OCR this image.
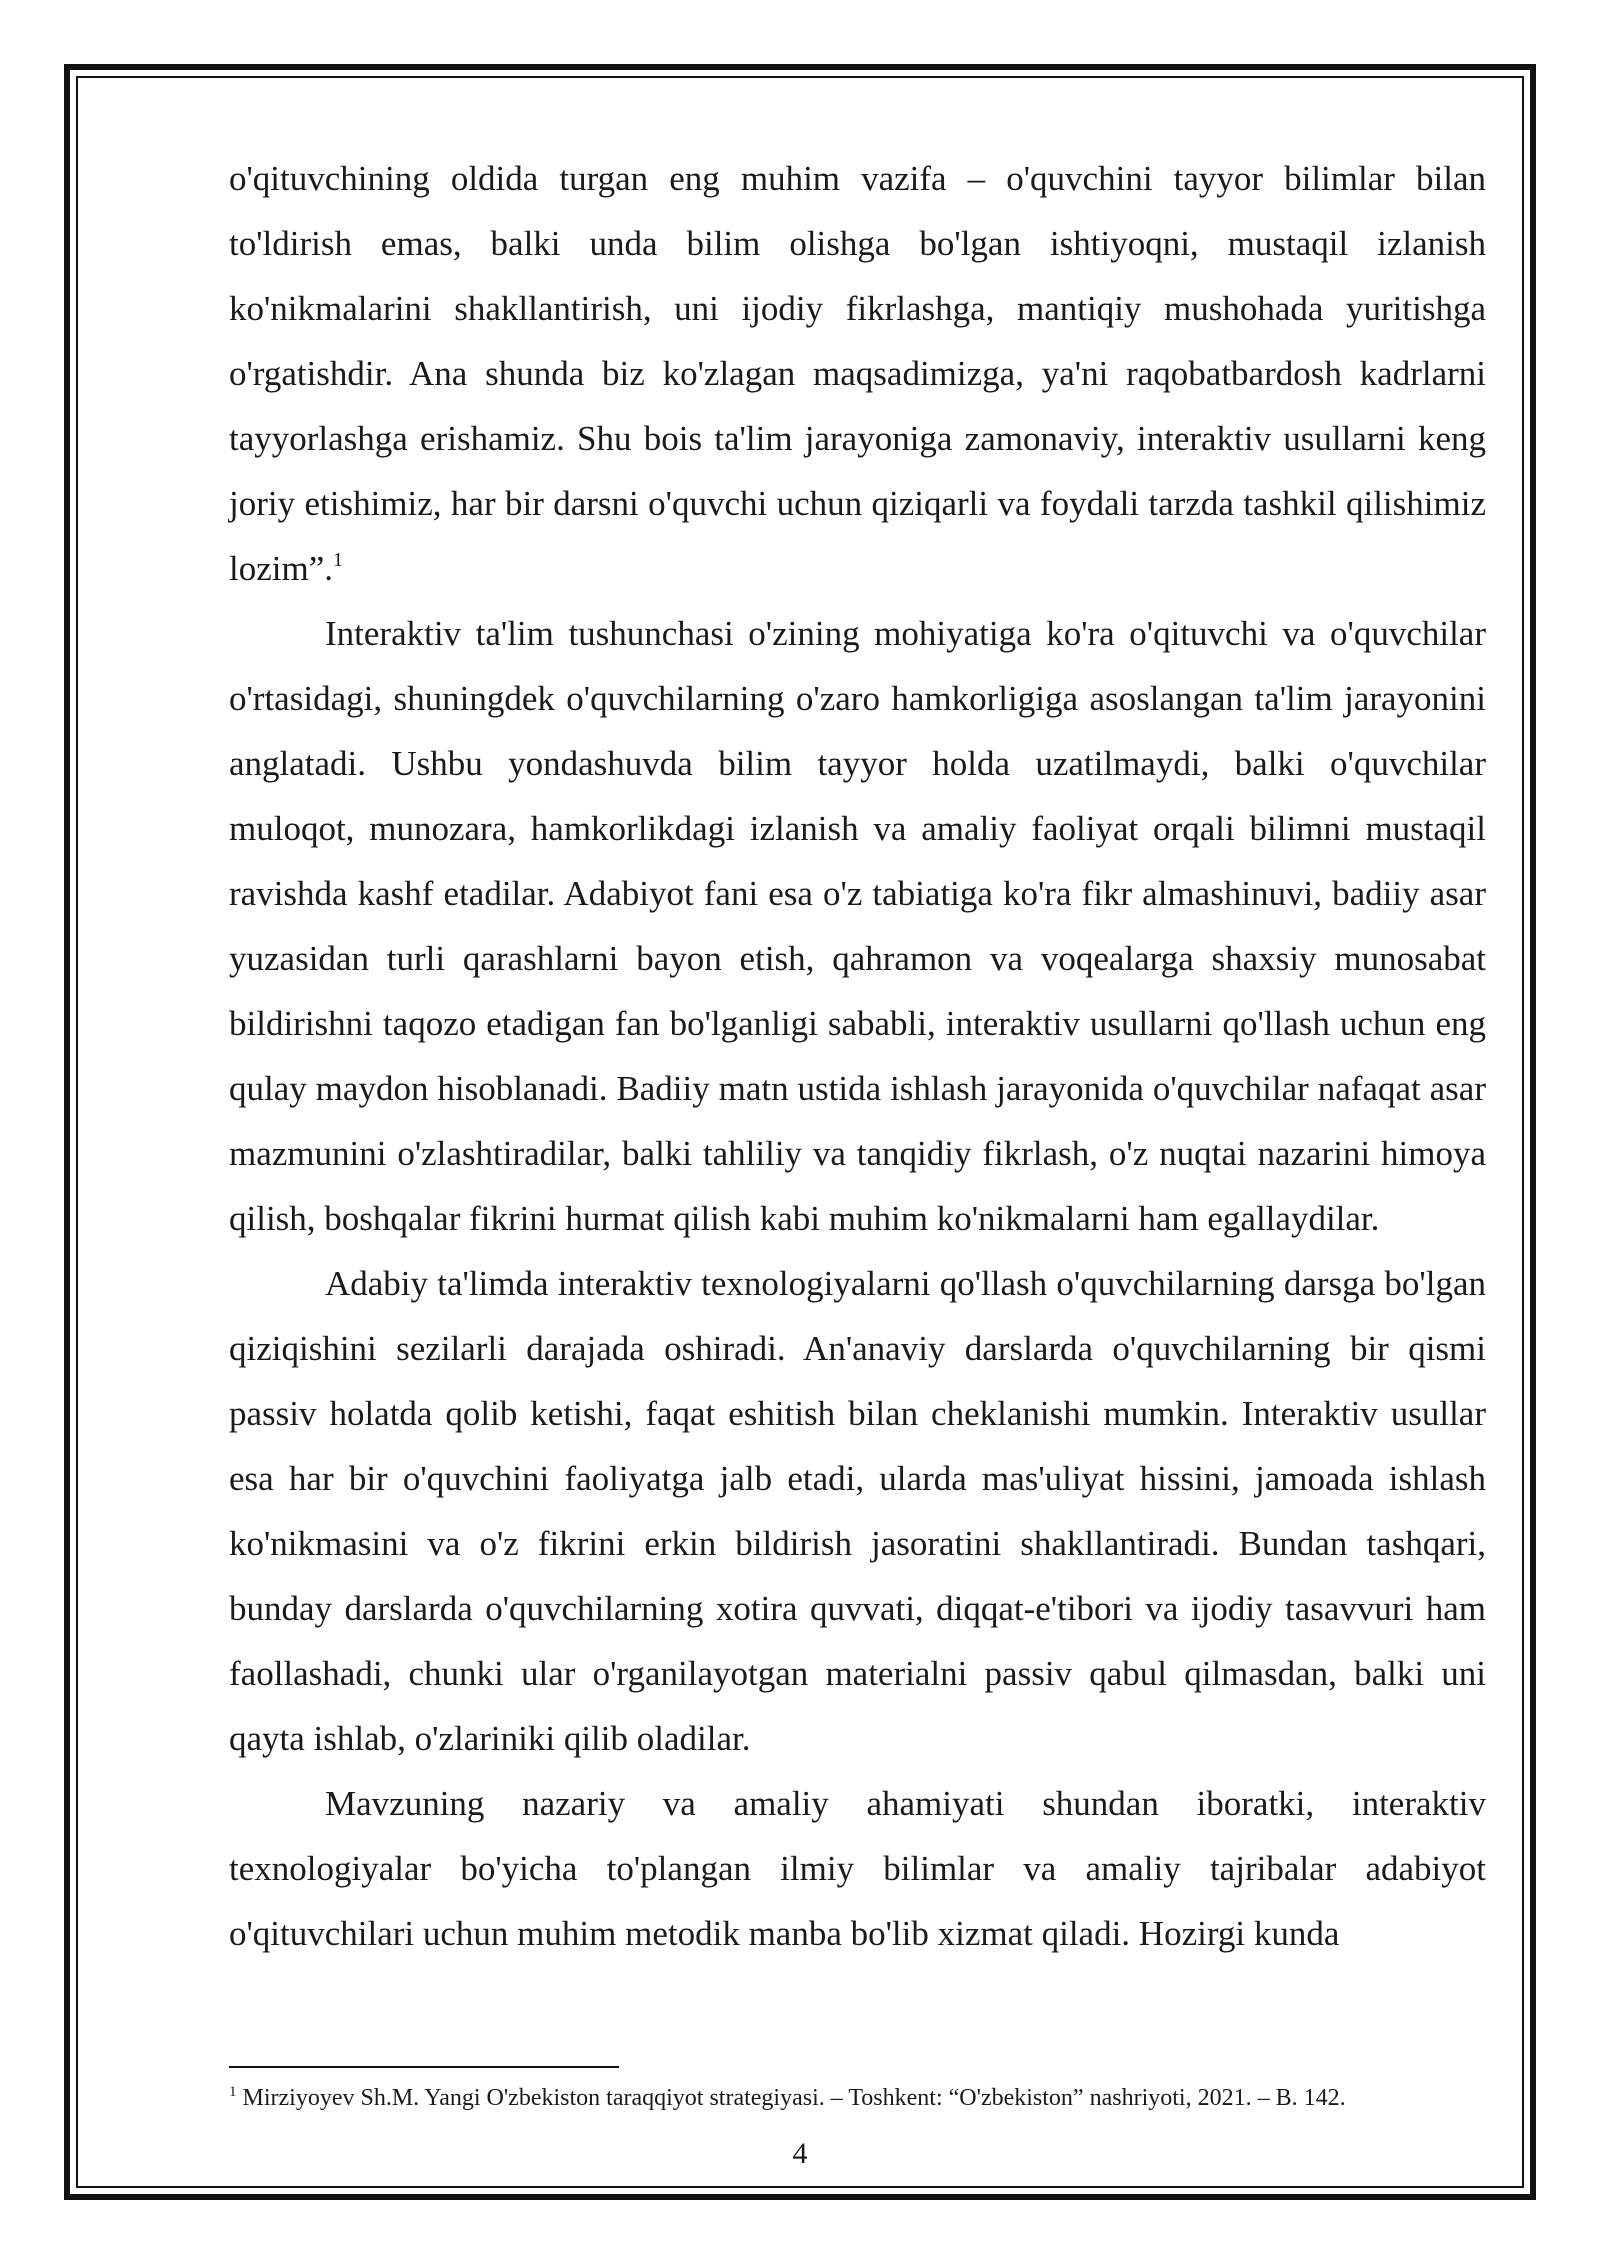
o'qituvchining oldida turgan eng muhim vazifa – o'quvchini tayyor bilimlar bilan to'ldirish emas, balki unda bilim olishga bo'lgan ishtiyoqni, mustaqil izlanish ko'nikmalarini shakllantirish, uni ijodiy fikrlashga, mantiqiy mushohada yuritishga o'rgatishdir. Ana shunda biz ko'zlagan maqsadimizga, ya'ni raqobatbardosh kadrlarni tayyorlashga erishamiz. Shu bois ta'lim jarayoniga zamonaviy, interaktiv usullarni keng joriy etishimiz, har bir darsni o'quvchi uchun qiziqarli va foydali tarzda tashkil qilishimiz lozim”.$^1$

Interaktiv ta'lim tushunchasi o'zining mohiyatiga ko'ra o'qituvchi va o'quvchilar o'rtasidagi, shuningdek o'quvchilarning o'zaro hamkorligiga asoslangan ta'lim jarayonini anglatadi. Ushbu yondashuvda bilim tayyor holda uzatilmaydi, balki o'quvchilar muloqot, munozara, hamkorlikdagi izlanish va amaliy faoliyat orqali bilimni mustaqil ravishda kashf etadilar. Adabiyot fani esa o'z tabiatiga ko'ra fikr almashinuvi, badiiy asar yuzasidan turli qarashlarni bayon etish, qahramon va voqealarga shaxsiy munosabat bildirishni taqozo etadigan fan bo'lganligi sababli, interaktiv usullarni qo'llash uchun eng qulay maydon hisoblanadi. Badiiy matn ustida ishlash jarayonida o'quvchilar nafaqat asar mazmunini o'zlashtiradilar, balki tahliliy va tanqidiy fikrlash, o'z nuqtai nazarini himoya qilish, boshqalar fikrini hurmat qilish kabi muhim ko'nikmalarni ham egallaydilar.

Adabiy ta'limda interaktiv texnologiyalarni qo'llash o'quvchilarning darsga bo'lgan qiziqishini sezilarli darajada oshiradi. An'anaviy darslarda o'quvchilarning bir qismi passiv holatda qolib ketishi, faqat eshitish bilan cheklanishi mumkin. Interaktiv usullar esa har bir o'quvchini faoliyatga jalb etadi, ularda mas'uliyat hissini, jamoada ishlash ko'nikmasini va o'z fikrini erkin bildirish jasoratini shakllantiradi. Bundan tashqari, bunday darslarda o'quvchilarning xotira quvvati, diqqat-e'tibori va ijodiy tasavvuri ham faollashadi, chunki ular o'rganilayotgan materialni passiv qabul qilmasdan, balki uni qayta ishlab, o'zlariniki qilib oladilar.

Mavzuning nazariy va amaliy ahamiyati shundan iboratki, interaktiv texnologiyalar bo'yicha to'plangan ilmiy bilimlar va amaliy tajribalar adabiyot o'qituvchilari uchun muhim metodik manba bo'lib xizmat qiladi. Hozirgi kunda

$^1$ Mirziyoyev Sh.M. Yangi O'zbekiston taraqqiyot strategiyasi. – Toshkent: “O'zbekiston” nashriyoti, 2021. – B. 142.

4
